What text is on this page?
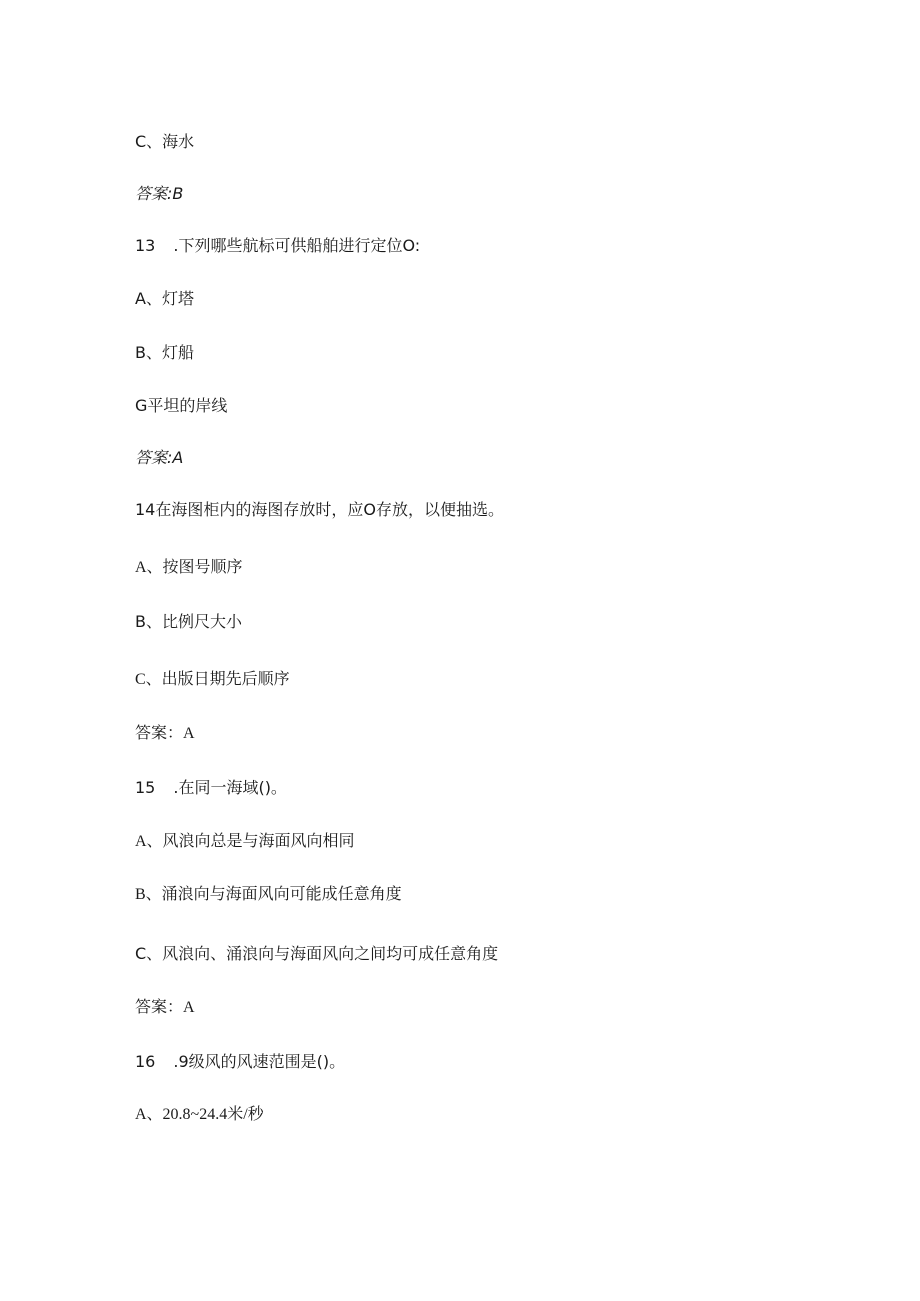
C、海水
答案:B
13 .下列哪些航标可供船舶进行定位O:
A、灯塔
B、灯船
G平坦的岸线
答案:A
14在海图柜内的海图存放时，应O存放，以便抽选。
A、按图号顺序
B、比例尺大小
C、出版日期先后顺序
答案：A
15 .在同一海域()。
A、风浪向总是与海面风向相同
B、涌浪向与海面风向可能成任意角度
C、风浪向、涌浪向与海面风向之间均可成任意角度
答案：A
16 .9级风的风速范围是()。
A、20.8~24.4米/秒
